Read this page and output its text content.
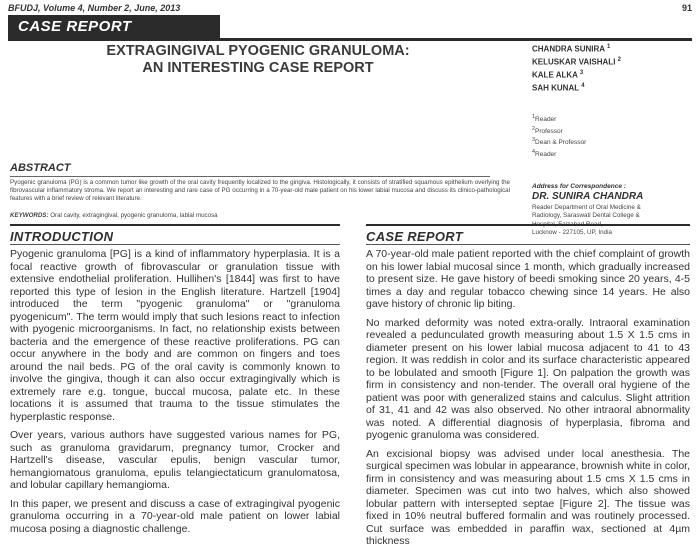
BFUDJ, Volume 4, Number 2, June, 2013	91
CASE REPORT
EXTRAGINGIVAL PYOGENIC GRANULOMA:
AN INTERESTING CASE REPORT
CHANDRA SUNIRA $^1$
KELUSKAR VAISHALI $^2$
KALE ALKA $^3$
SAH KUNAL $^4$
$^1$Reader
$^2$Professor
$^3$Dean & Professor
$^4$Reader
ABSTRACT
Pyogenic granuloma (PG) is a common tumor like growth of the oral cavity frequently localized to the gingiva. Histologically, it consists of stratified squamous epithelium overlying the fibrovascular inflammatory stroma. We report an interesting and rare case of PG occurring in a 70-year-old male patient on his lower labial mucosa and discuss its clinico-pathological features with a brief review of relevant literature.
KEYWORDS: Oral cavity, extragingival, pyogenic granuloma, labial mucosa
Address for Correspondence :
DR. SUNIRA CHANDRA
Reader Department of Oral Medicine &
Radiology, Saraswati Dental College &
Lucknow - 227105, UP, India
INTRODUCTION

Pyogenic granuloma [PG] is a kind of inflammatory hyperplasia. It is a focal reactive growth of fibrovascular or granulation tissue with extensive endothelial proliferation. Hullihen's [1844] was first to have reported this type of lesion in the English literature. Hartzell [1904] introduced the term "pyogenic granuloma" or "granuloma pyogenicum". The term would imply that such lesions react to infection with pyogenic microorganisms. In fact, no relationship exists between bacteria and the emergence of these reactive proliferations. PG can occur anywhere in the body and are common on fingers and toes around the nail beds. PG of the oral cavity is commonly known to involve the gingiva, though it can also occur extragingivally which is extremely rare e.g. tongue, buccal mucosa, palate etc. In these locations it is assumed that trauma to the tissue stimulates the hyperplastic response.

Over years, various authors have suggested various names for PG, such as granuloma gravidarum, pregnancy tumor, Crocker and Hartzell's disease, vascular epulis, benign vascular tumor, hemangiomatous granuloma, epulis telangiectaticum granulomatosa, and lobular capillary hemangioma.

In this paper, we present and discuss a case of extragingival pyogenic granuloma occurring in a 70-year-old male patient on lower labial mucosa posing a diagnostic challenge.

CASE REPORT

A 70-year-old male patient reported with the chief complaint of growth on his lower labial mucosal since 1 month, which gradually increased to present size. He gave history of beedi smoking since 20 years, 4-5 times a day and regular tobacco chewing since 14 years. He also gave history of chronic lip biting.

No marked deformity was noted extra-orally. Intraoral examination revealed a pedunculated growth measuring about 1.5 X 1.5 cms in diameter present on his lower labial mucosa adjacent to 41 to 43 region. It was reddish in color and its surface characteristic appeared to be lobulated and smooth [Figure 1]. On palpation the growth was firm in consistency and non-tender. The overall oral hygiene of the patient was poor with generalized stains and calculus. Slight attrition of 31, 41 and 42 was also observed. No other intraoral abnormality was noted. A differential diagnosis of hyperplasia, fibroma and pyogenic granuloma was considered.

An excisional biopsy was advised under local anesthesia. The surgical specimen was lobular in appearance, brownish white in color, firm in consistency and was measuring about 1.5 cms X 1.5 cms in diameter. Specimen was cut into two halves, which also showed lobular pattern with intersepted septae [Figure 2]. The tissue was fixed in 10% neutral buffered formalin and was routinely processed. Cut surface was embedded in paraffin wax, sectioned at 4µm thickness
